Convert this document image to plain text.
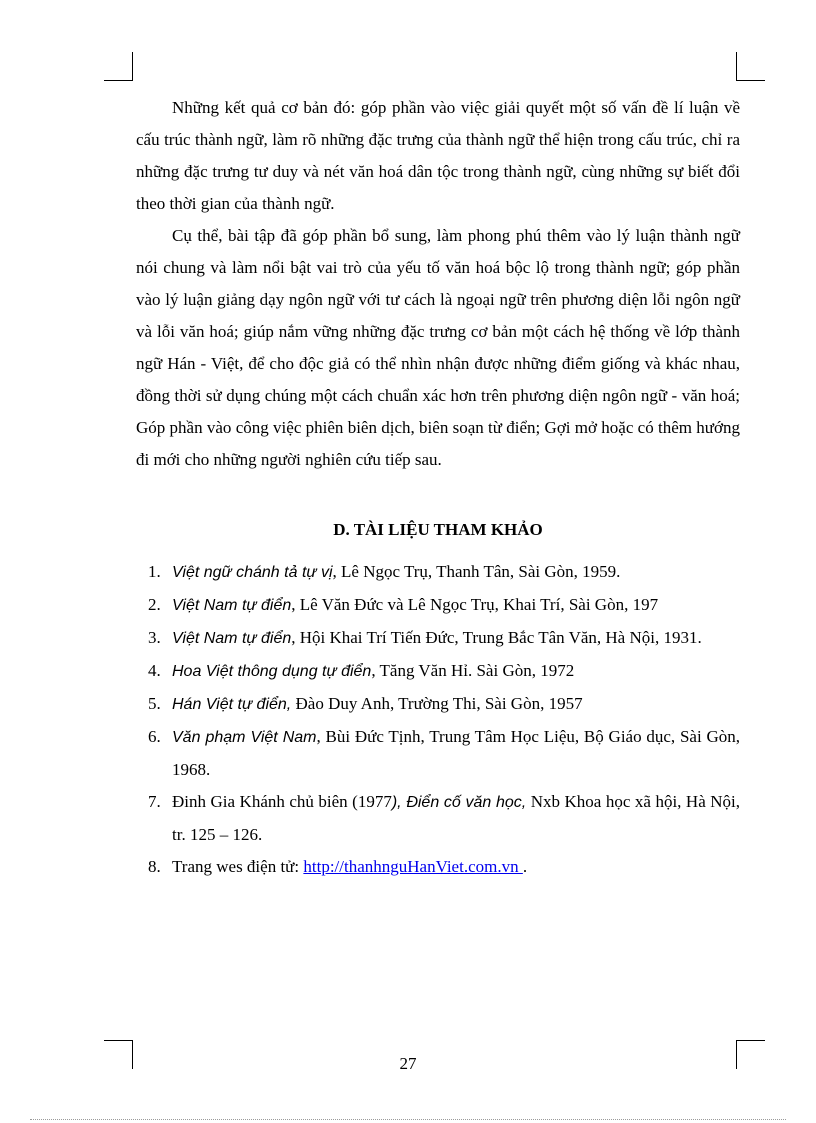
Những kết quả cơ bản đó: góp phần vào việc giải quyết một số vấn đề lí luận về cấu trúc thành ngữ, làm rõ những đặc trưng của thành ngữ thể hiện trong cấu trúc, chỉ ra những đặc trưng tư duy và nét văn hoá dân tộc trong thành ngữ, cùng những sự biết đổi theo thời gian của thành ngữ.

Cụ thể, bài tập đã góp phần bổ sung, làm phong phú thêm vào lý luận thành ngữ nói chung và làm nổi bật vai trò của yếu tố văn hoá bộc lộ trong thành ngữ; góp phần vào lý luận giảng dạy ngôn ngữ với tư cách là ngoại ngữ trên phương diện lỗi ngôn ngữ và lỗi văn hoá; giúp nắm vững những đặc trưng cơ bản một cách hệ thống về lớp thành ngữ Hán - Việt, để cho độc giả có thể nhìn nhận được những điểm giống và khác nhau, đồng thời sử dụng chúng một cách chuẩn xác hơn trên phương diện ngôn ngữ - văn hoá; Góp phần vào công việc phiên biên dịch, biên soạn từ điển; Gợi mở hoặc có thêm hướng đi mới cho những người nghiên cứu tiếp sau.

D. TÀI LIỆU THAM KHẢO
1. Việt ngữ chánh tả tự vị, Lê Ngọc Trụ, Thanh Tân, Sài Gòn, 1959.
2. Việt Nam tự điển, Lê Văn Đức và Lê Ngọc Trụ, Khai Trí, Sài Gòn, 197
3. Việt Nam tự điển, Hội Khai Trí Tiến Đức, Trung Bắc Tân Văn, Hà Nội, 1931.
4. Hoa Việt thông dụng tự điển, Tăng Văn Hỉ. Sài Gòn, 1972
5. Hán Việt tự điển, Đào Duy Anh, Trường Thi, Sài Gòn, 1957
6. Văn phạm Việt Nam, Bùi Đức Tịnh, Trung Tâm Học Liệu, Bộ Giáo dục, Sài Gòn, 1968.
7. Đinh Gia Khánh chủ biên (1977), Điển cố văn học, Nxb Khoa học xã hội, Hà Nội, tr. 125 – 126.
8. Trang wes điện tử: http://thanhnguHanViet.com.vn .
27
